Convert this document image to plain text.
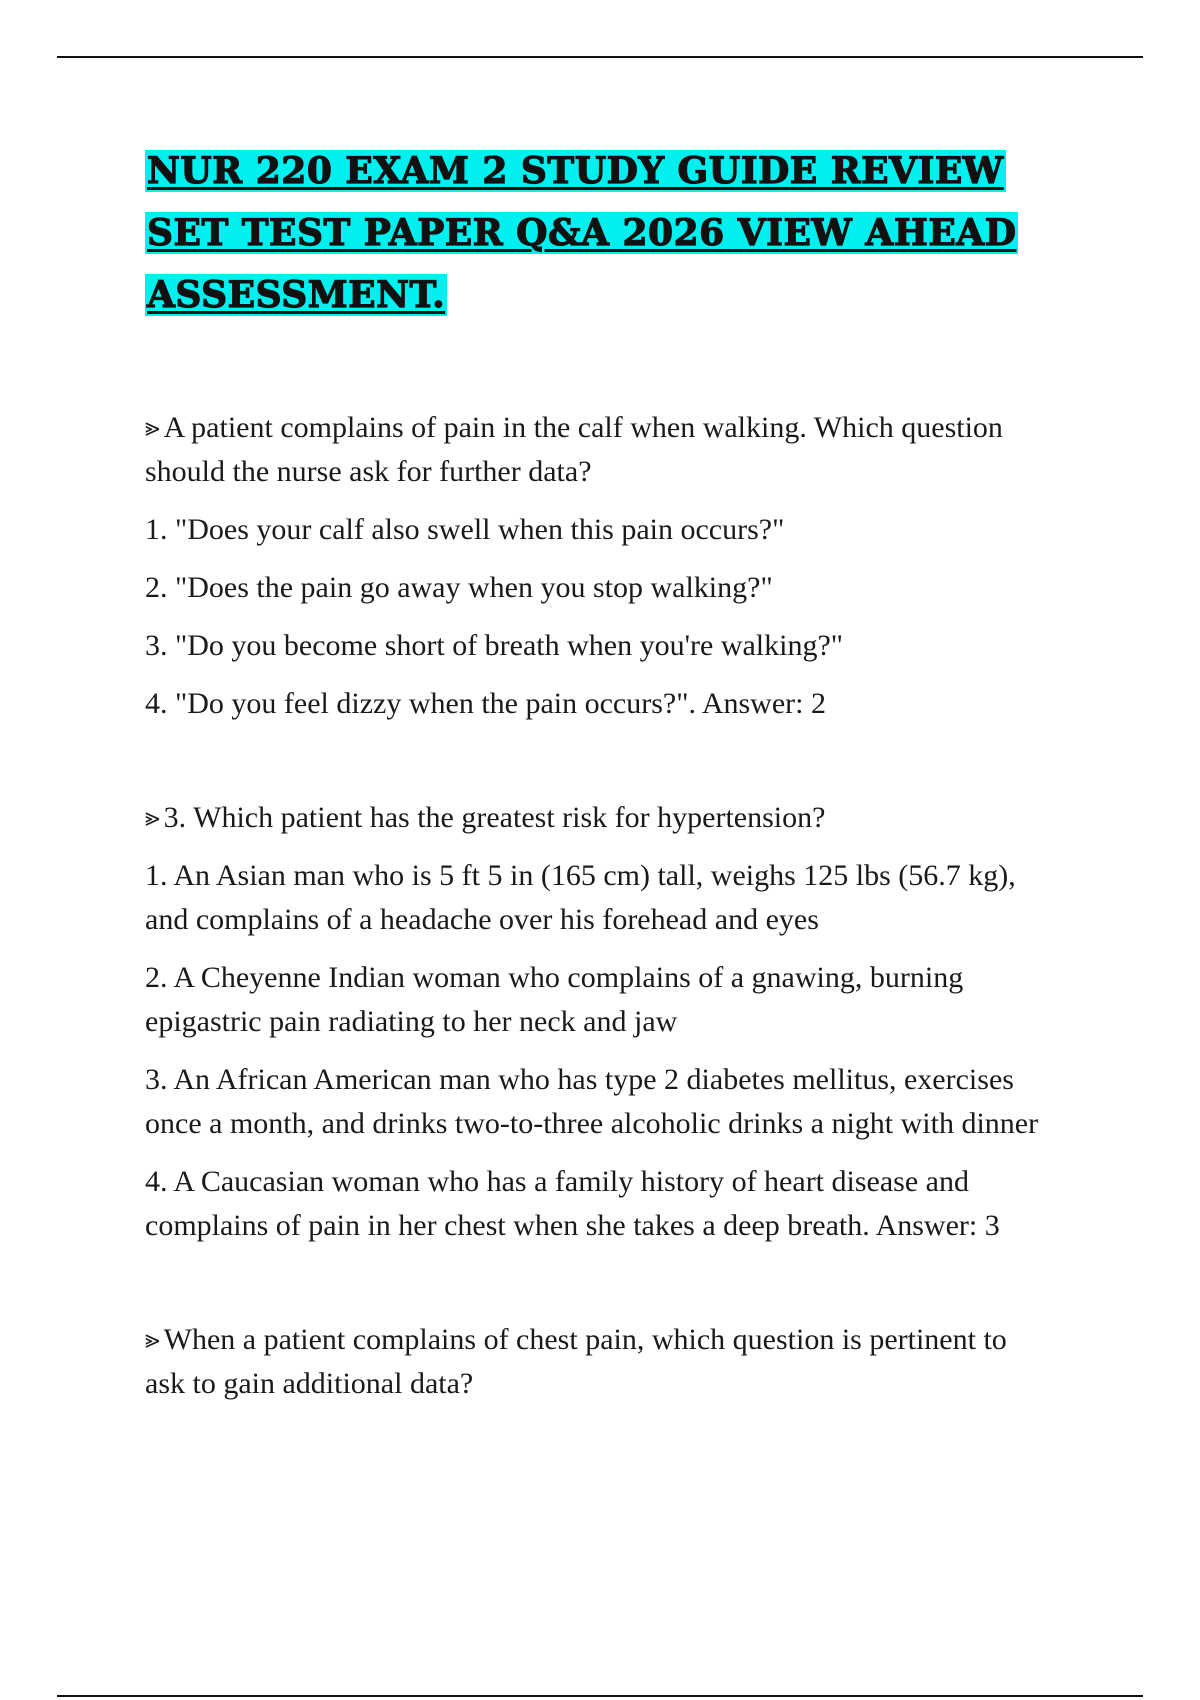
NUR 220 EXAM 2 STUDY GUIDE REVIEW SET TEST PAPER Q&A 2026 VIEW AHEAD ASSESSMENT.

⪢ A patient complains of pain in the calf when walking. Which question should the nurse ask for further data?

1. "Does your calf also swell when this pain occurs?"

2. "Does the pain go away when you stop walking?"

3. "Do you become short of breath when you're walking?"

4. "Do you feel dizzy when the pain occurs?". Answer: 2

⪢ 3. Which patient has the greatest risk for hypertension?

1. An Asian man who is 5 ft 5 in (165 cm) tall, weighs 125 lbs (56.7 kg), and complains of a headache over his forehead and eyes

2. A Cheyenne Indian woman who complains of a gnawing, burning epigastric pain radiating to her neck and jaw

3. An African American man who has type 2 diabetes mellitus, exercises once a month, and drinks two-to-three alcoholic drinks a night with dinner

4. A Caucasian woman who has a family history of heart disease and complains of pain in her chest when she takes a deep breath. Answer: 3

⪢ When a patient complains of chest pain, which question is pertinent to ask to gain additional data?
